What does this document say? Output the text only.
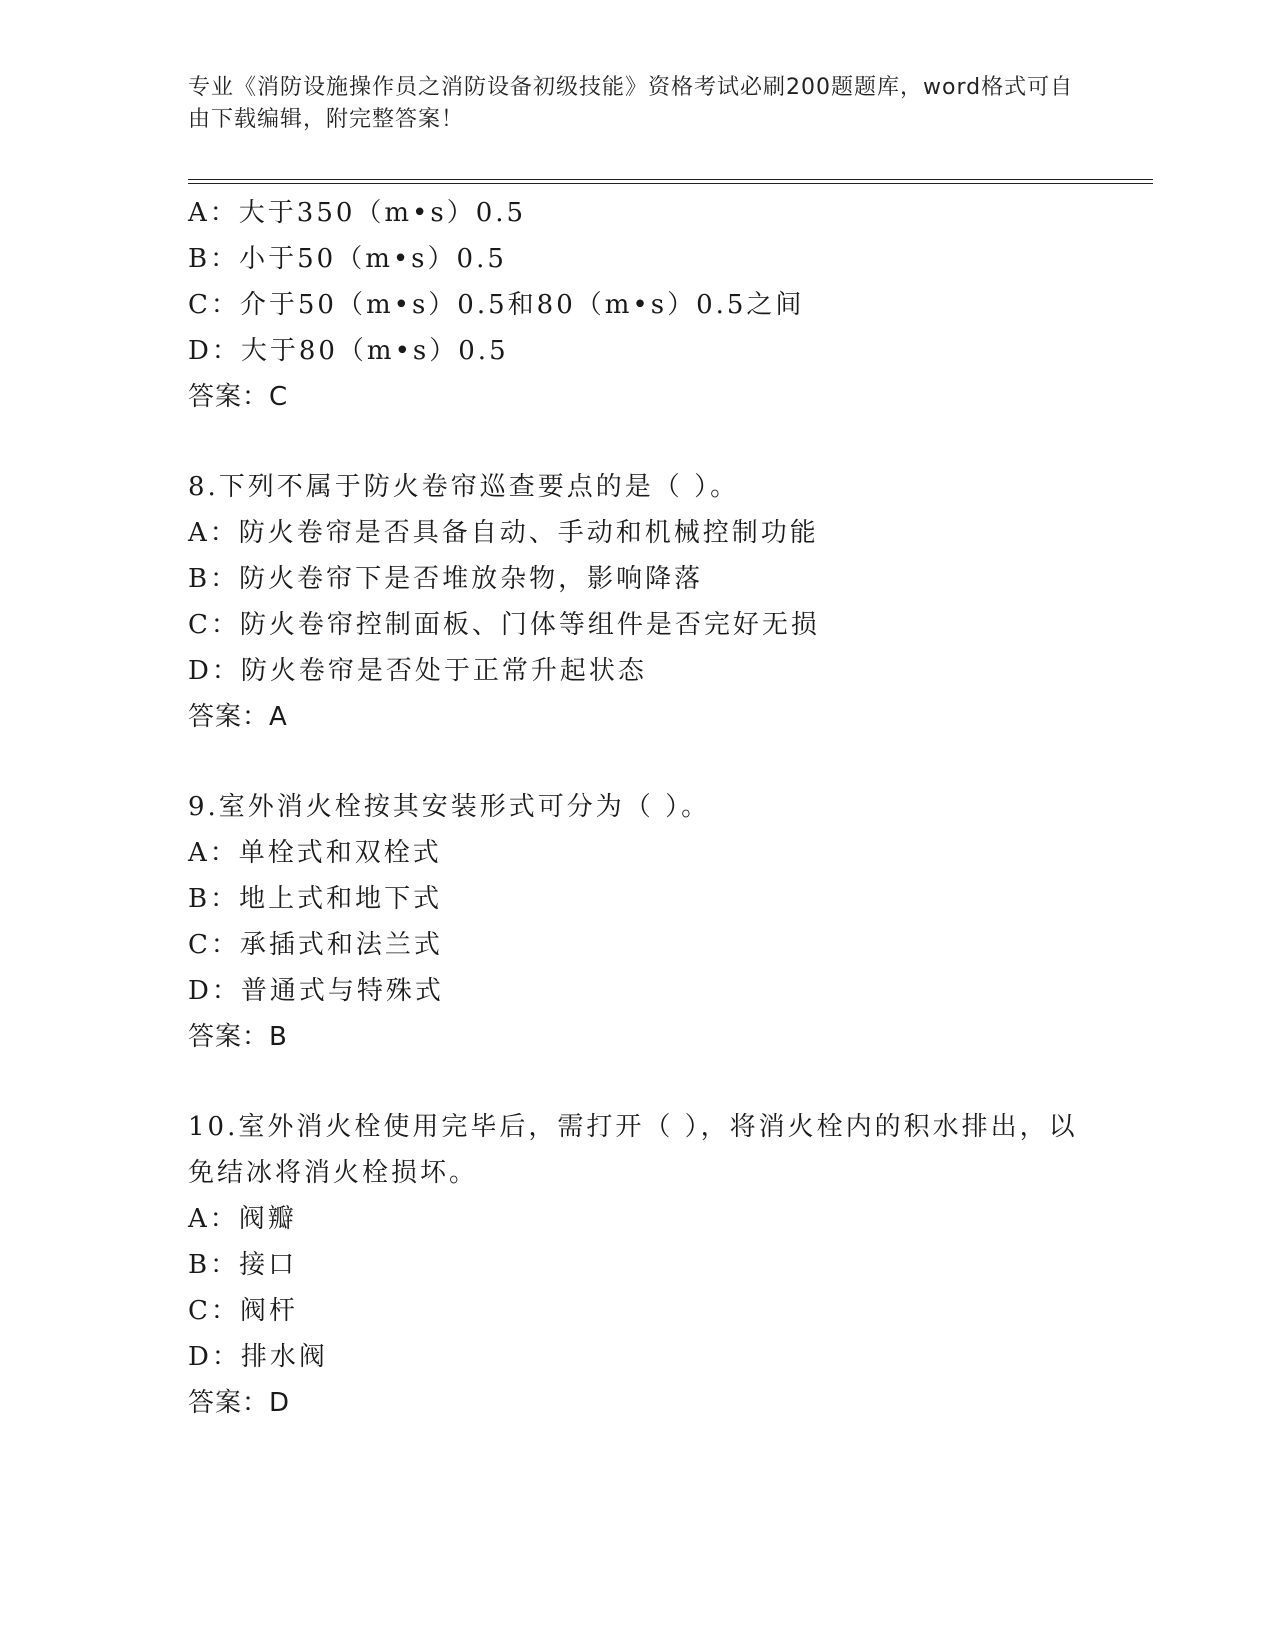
专业《消防设施操作员之消防设备初级技能》资格考试必刷200题题库，word格式可自由下载编辑，附完整答案！
A：大于350（m•s）0.5
B：小于50（m•s）0.5
C：介于50（m•s）0.5和80（m•s）0.5之间
D：大于80（m•s）0.5
答案：C
8.下列不属于防火卷帘巡查要点的是（ ）。
A：防火卷帘是否具备自动、手动和机械控制功能
B：防火卷帘下是否堆放杂物，影响降落
C：防火卷帘控制面板、门体等组件是否完好无损
D：防火卷帘是否处于正常升起状态
答案：A
9.室外消火栓按其安装形式可分为（ ）。
A：单栓式和双栓式
B：地上式和地下式
C：承插式和法兰式
D：普通式与特殊式
答案：B
10.室外消火栓使用完毕后，需打开（ ），将消火栓内的积水排出，以免结冰将消火栓损坏。
A：阀瓣
B：接口
C：阀杆
D：排水阀
答案：D
